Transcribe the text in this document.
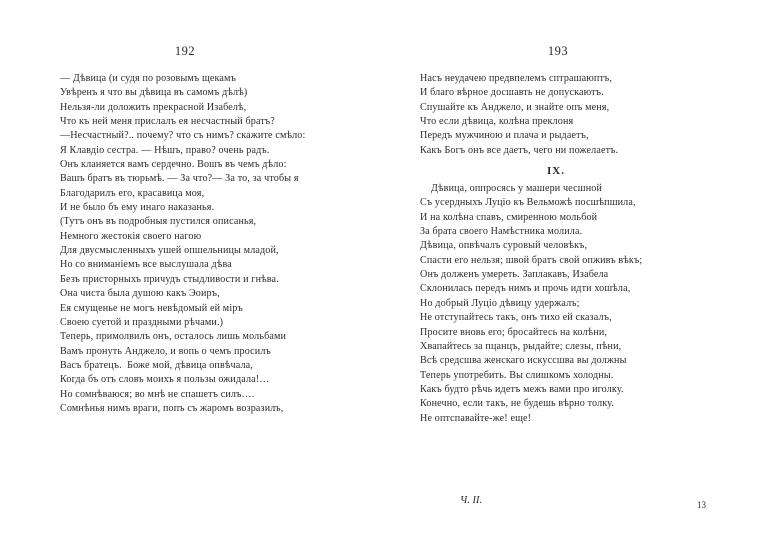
192
— Дѣвица (и судя по розовымъ щекамъ
Увѣренъ я что вы дѣвица въ самомъ дѣлѣ)
Нельзя-ли доложить прекрасной Изабелѣ,
Что къ ней меня прислалъ ея несчастный братъ?
—Несчастный?.. почему? что съ нимъ? скажите смѣло:
Я Клавдіо сестра. — Нѣшъ, право? очень радъ.
Онъ кланяется вамъ сердечно. Вошъ въ чемъ дѣло:
Вашъ братъ въ тюрьмѣ. — За что?— За то, за чтобы я
Благодарилъ его, красавица моя,
И не было бъ ему инаго наказанья.
(Тутъ онъ въ подробныя пустился описанья,
Немного жестокія своего нагою
Для двусмысленныхъ ушей опшельницы младой,
Но со вниманіемъ все выслушала дѣва
Безъ присторныхъ причудъ стыдливости и гнѣва.
Она чиста была душою какъ Эоиръ,
Ея смущенье не могъ невѣдомый ей міръ
Своею суетой и праздными рѣчами.)
Теперь, примолвилъ онъ, осталось лишь мольбами
Вамъ пронуть Анджело, и вопь о чемъ просилъ
Васъ братецъ.  Боже мой, дѣвица опвѣчала,
Когда бъ отъ словъ моихъ я пользы ожидала!…
Но сомнѣваюся; во мнѣ не спашетъ силъ….
Сомнѣнья нимъ враги, попъ съ жаромъ возразилъ,
193
Насъ неудачею предвпелемъ сптрашаюптъ,
И благо вѣрное досшавть не допускаютъ.
Спушайте къ Анджело, и знайте опъ меня,
Что если дѣвица, колѣна преклоня
Передъ мужчиною и плача и рыдаетъ,
Какъ Богъ онъ все даетъ, чего ни пожелаетъ.
IX.
Дѣвица, оппросясь у машери чесшной
Съ усердныхъ Луціо къ Вельможѣ посшѣпшила,
И на колѣна спавъ, смиренною мольбой
За брата своего Намѣстника молила.
Дѣвица, опвѣчалъ суровый человѣкъ,
Спасти его нельзя; швой братъ свой опживъ вѣкъ;
Онъ долженъ умереть. Заплакавъ, Изабела
Склонилась передъ нимъ и прочь идти хошѣла,
Но добрый Луціо дѣвицу удержалъ;
Не отступайтесь такъ, онъ тихо ей сказалъ,
Просите вновь его; бросайтесь на колѣни,
Хвапайтесь за пцанцъ, рыдайте; слезы, пѣни,
Всѣ средсшва женскаго искуссшва вы должны
Теперь употребить. Вы слишкомъ холодны.
Какъ будто рѣчь идетъ межъ вами про иголку.
Конечно, если такъ, не будешь вѣрно толку.
Не оптспавайте-же! еще!
Ч. II.	13
